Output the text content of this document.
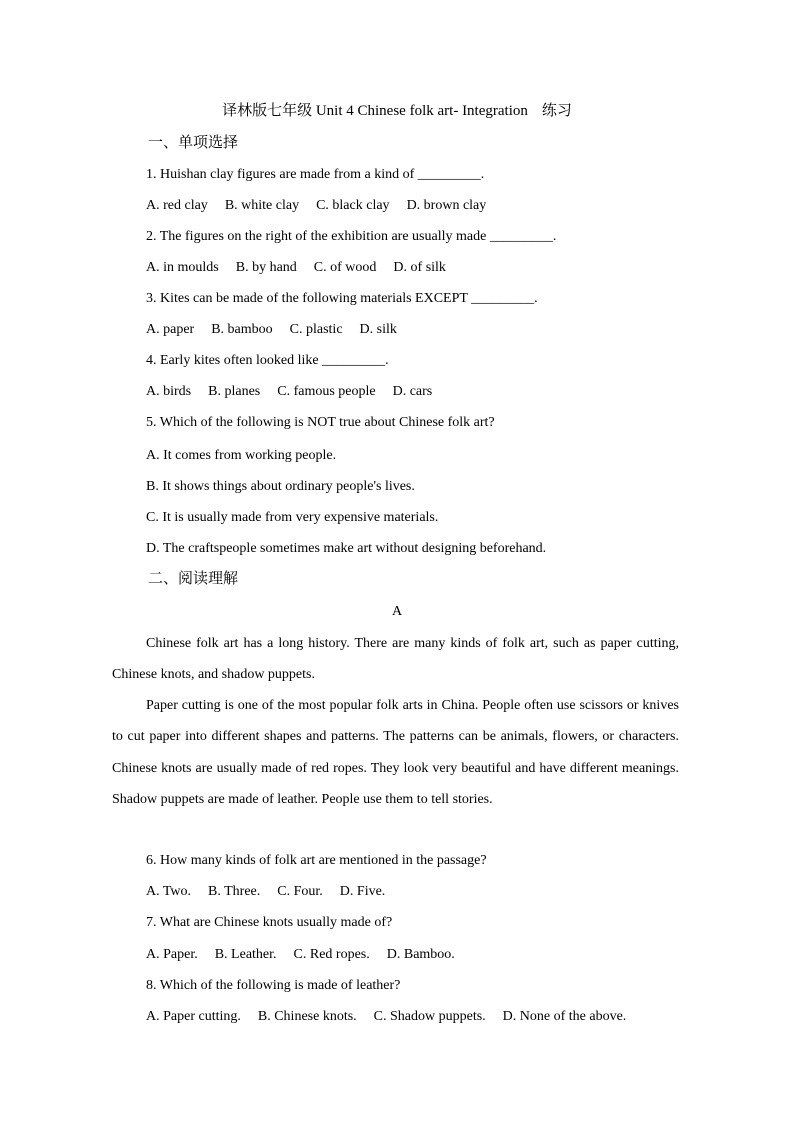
译林版七年级 Unit 4 Chinese folk art- Integration 练习
一、单项选择
1. Huishan clay figures are made from a kind of _________.
A. red clay B. white clay C. black clay D. brown clay
2. The figures on the right of the exhibition are usually made _________.
A. in moulds B. by hand C. of wood D. of silk
3. Kites can be made of the following materials EXCEPT _________.
A. paper B. bamboo C. plastic D. silk
4. Early kites often looked like _________.
A. birds B. planes C. famous people D. cars
5. Which of the following is NOT true about Chinese folk art?
A. It comes from working people.
B. It shows things about ordinary people's lives.
C. It is usually made from very expensive materials.
D. The craftspeople sometimes make art without designing beforehand.
二、阅读理解
A
Chinese folk art has a long history. There are many kinds of folk art, such as paper cutting, Chinese knots, and shadow puppets.
Paper cutting is one of the most popular folk arts in China. People often use scissors or knives to cut paper into different shapes and patterns. The patterns can be animals, flowers, or characters. Chinese knots are usually made of red ropes. They look very beautiful and have different meanings. Shadow puppets are made of leather. People use them to tell stories.
6. How many kinds of folk art are mentioned in the passage?
A. Two. B. Three. C. Four. D. Five.
7. What are Chinese knots usually made of?
A. Paper. B. Leather. C. Red ropes. D. Bamboo.
8. Which of the following is made of leather?
A. Paper cutting. B. Chinese knots. C. Shadow puppets. D. None of the above.
